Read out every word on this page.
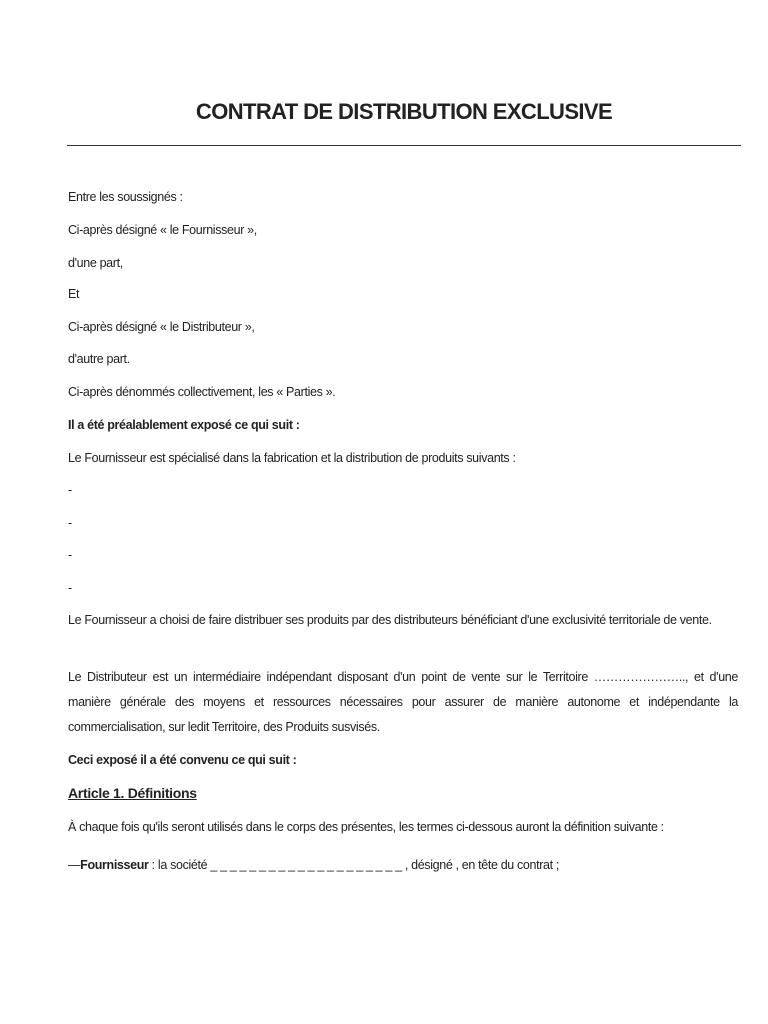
CONTRAT DE DISTRIBUTION EXCLUSIVE
Entre les soussignés :
Ci-après désigné « le Fournisseur »,
d'une part,
Et
Ci-après désigné « le Distributeur »,
d'autre part.
Ci-après dénommés collectivement, les « Parties ».
Il a été préalablement exposé ce qui suit :
Le Fournisseur est spécialisé dans la fabrication et la distribution de produits suivants :
-
-
-
-
Le Fournisseur a choisi de faire distribuer ses produits par des distributeurs bénéficiant d'une exclusivité territoriale de vente.
Le Distributeur est un intermédiaire indépendant disposant d'un point de vente sur le Territoire ………………….., et d'une manière générale des moyens et ressources nécessaires pour assurer de manière autonome et indépendante la commercialisation, sur ledit Territoire, des Produits susvisés.
Ceci exposé il a été convenu ce qui suit :
Article 1. Définitions
À chaque fois qu'ils seront utilisés dans le corps des présentes, les termes ci-dessous auront la définition suivante :
—Fournisseur : la société _ _ _ _ _ _ _ _ _ _ _ _ _ _ _ _ _ _ _ _ , désigné , en tête du contrat ;
